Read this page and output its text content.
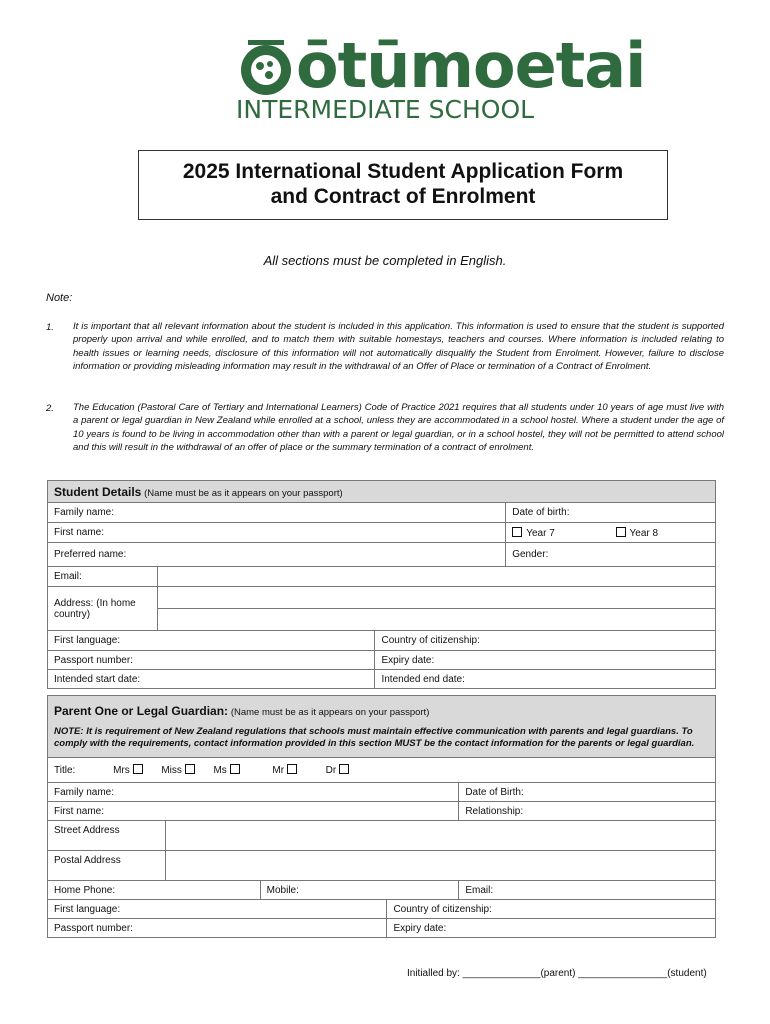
ōtūmoetai
INTERMEDIATE SCHOOL
2025 International Student Application Form
and Contract of Enrolment
All sections must be completed in English.
Note:
1. It is important that all relevant information about the student is included in this application. This information is used to ensure that the student is supported properly upon arrival and while enrolled, and to match them with suitable homestays, teachers and courses. Where information is included relating to health issues or learning needs, disclosure of this information will not automatically disqualify the Student from Enrolment. However, failure to disclose information or providing misleading information may result in the withdrawal of an Offer of Place or termination of a Contract of Enrolment.
2. The Education (Pastoral Care of Tertiary and International Learners) Code of Practice 2021 requires that all students under 10 years of age must live with a parent or legal guardian in New Zealand while enrolled at a school, unless they are accommodated in a school hostel. Where a student under the age of 10 years is found to be living in accommodation other than with a parent or legal guardian, or in a school hostel, they will not be permitted to attend school and this will result in the withdrawal of an offer of place or the summary termination of a contract of enrolment.
Student Details (Name must be as it appears on your passport)			
Family name:			Date of birth:
First name:			Year 7 Year 8
Preferred name:			Gender:
Email:			
Address: (In home country)			

First language:		Country of citizenship:	
Passport number:		Expiry date:	
Intended start date:		Intended end date:	
Parent One or Legal Guardian: (Name must be as it appears on your passport)
NOTE: It is requirement of New Zealand regulations that schools must maintain effective communication with parents and legal guardians. To comply with the requirements, contact information provided in this section MUST be the contact information for the parents or legal guardian.				

Title: Mrs Miss Ms Mr Dr				
Family name:				Date of Birth:
First name:				Relationship:
Street Address				
Postal Address				
Home Phone:		Mobile:		Email:
First language:			Country of citizenship:	
Passport number:			Expiry date:	
Initialled by: ______________(parent) ________________(student)
